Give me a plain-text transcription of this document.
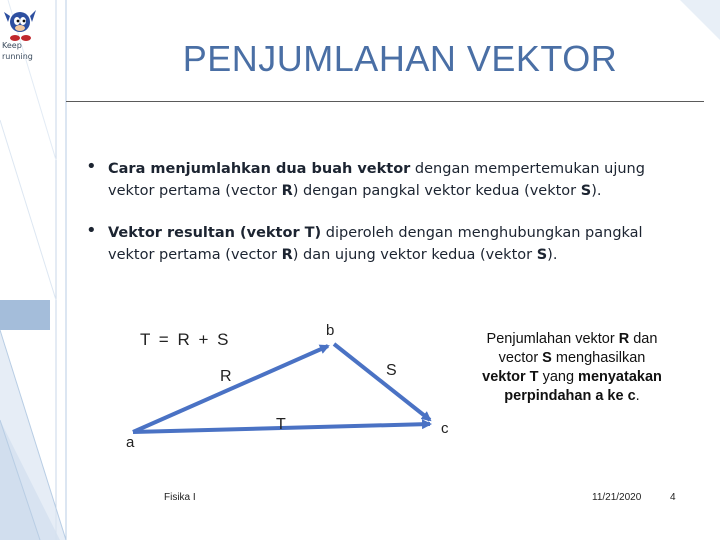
Keep
running	PENJUMLAHAN VEKTOR
• Cara menjumlahkan dua buah vektor dengan mempertemukan ujung vektor pertama (vector R) dengan pangkal vektor kedua (vektor S).
• Vektor resultan (vektor T) diperoleh dengan menghubungkan pangkal vektor pertama (vector R) dan ujung vektor kedua (vektor S).
T = R + S	b
R	S
T
a
c
Penjumlahan vektor R dan vector S menghasilkan vektor T yang menyatakan perpindahan a ke c.
Fisika I	11/21/2020	4
